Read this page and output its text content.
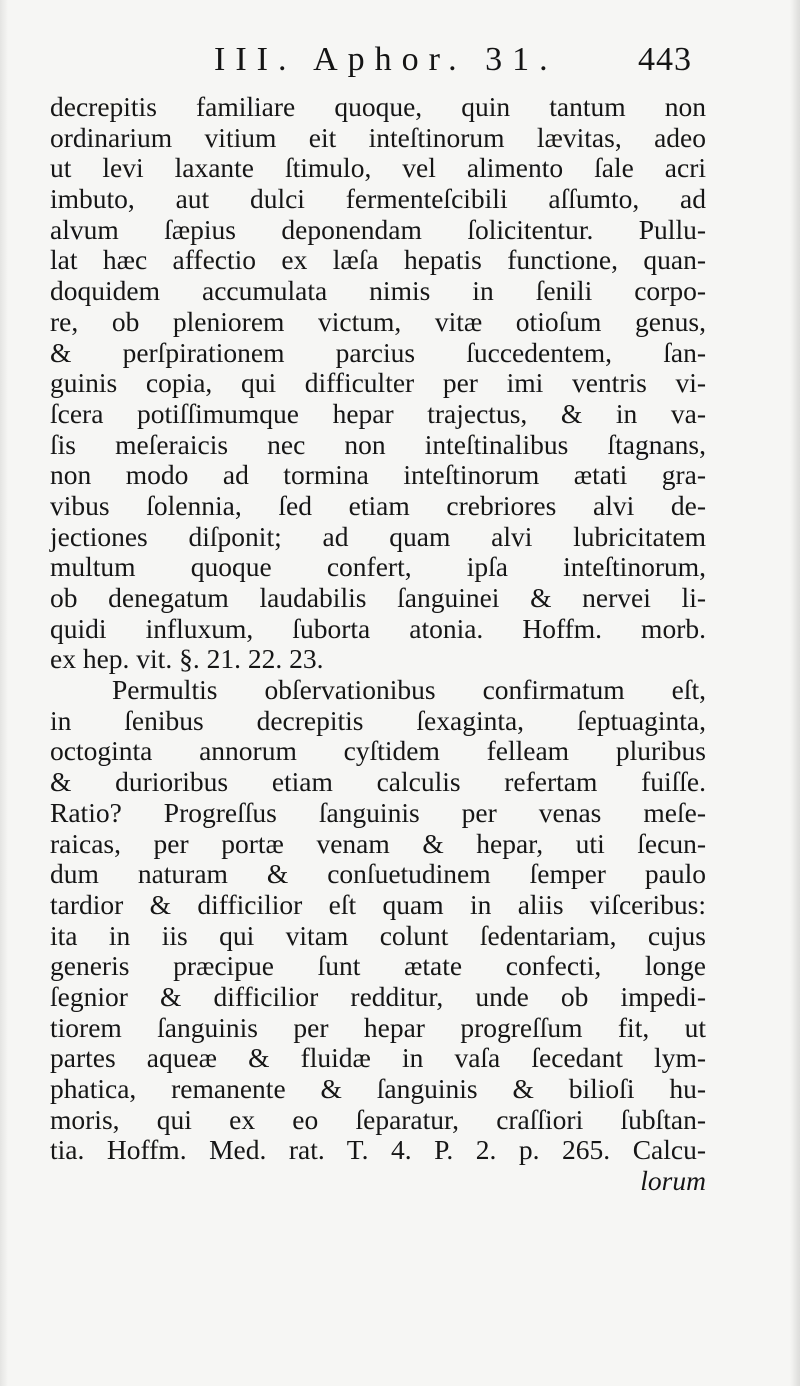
III. Aphor. 31. 443
decrepitis familiare quoque, quin tantum non
ordinarium vitium eit inteſtinorum lævitas, adeo
ut levi laxante ſtimulo, vel alimento ſale acri
imbuto, aut dulci fermenteſcibili aſſumto, ad
alvum ſæpius deponendam ſolicitentur. Pullu-
lat hæc affectio ex læſa hepatis functione, quan-
doquidem accumulata nimis in ſenili corpo-
re, ob pleniorem victum, vitæ otioſum genus,
& perſpirationem parcius ſuccedentem, ſan-
guinis copia, qui difficulter per imi ventris vi-
ſcera potiſſimumque hepar trajectus, & in va-
ſis meſeraicis nec non inteſtinalibus ſtagnans,
non modo ad tormina inteſtinorum ætati gra-
vibus ſolennia, ſed etiam crebriores alvi de-
jectiones diſponit; ad quam alvi lubricitatem
multum quoque confert, ipſa inteſtinorum,
ob denegatum laudabilis ſanguinei & nervei li-
quidi influxum, ſuborta atonia. Hoffm. morb.
ex hep. vit. §. 21. 22. 23.
Permultis obſervationibus confirmatum eſt,
in ſenibus decrepitis ſexaginta, ſeptuaginta,
octoginta annorum cyſtidem felleam pluribus
& durioribus etiam calculis refertam fuiſſe.
Ratio? Progreſſus ſanguinis per venas meſe-
raicas, per portæ venam & hepar, uti ſecun-
dum naturam & conſuetudinem ſemper paulo
tardior & difficilior eſt quam in aliis viſceribus:
ita in iis qui vitam colunt ſedentariam, cujus
generis præcipue ſunt ætate confecti, longe
ſegnior & difficilior redditur, unde ob impedi-
tiorem ſanguinis per hepar progreſſum fit, ut
partes aqueæ & fluidæ in vaſa ſecedant lym-
phatica, remanente & ſanguinis & bilioſi hu-
moris, qui ex eo ſeparatur, craſſiori ſubſtan-
tia. Hoffm. Med. rat. T. 4. P. 2. p. 265. Calcu-
lorum
